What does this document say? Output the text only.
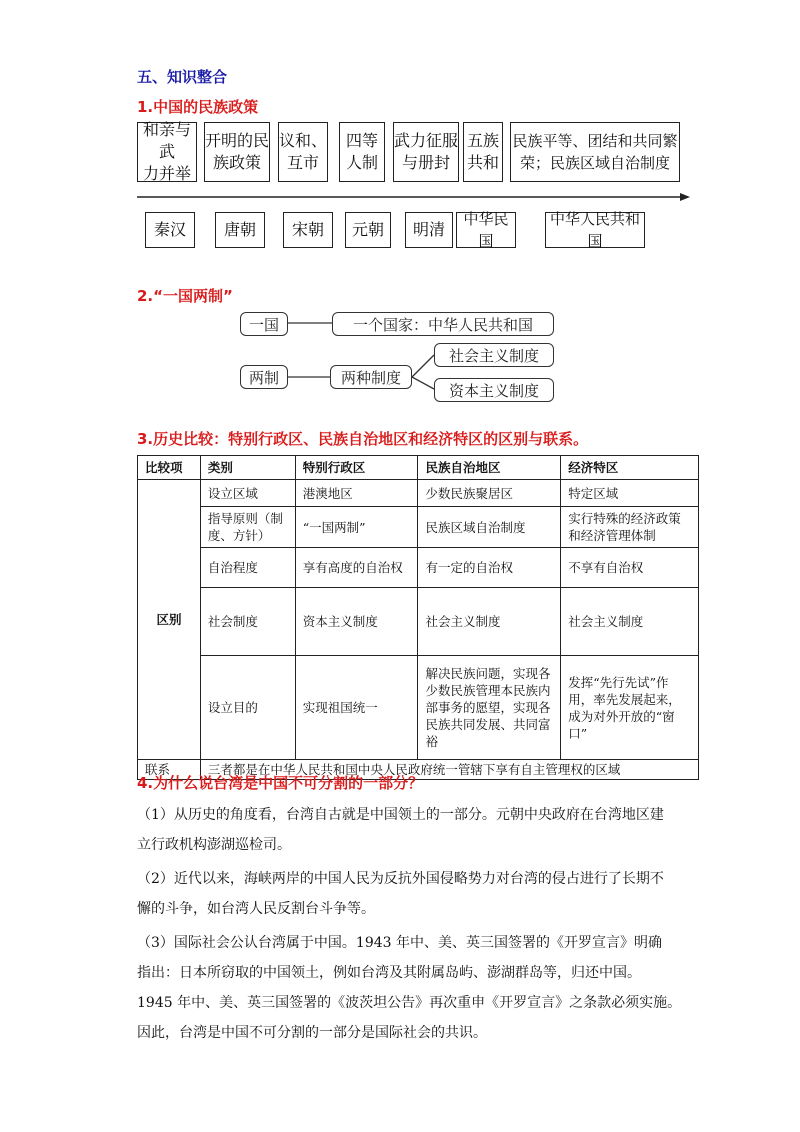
五、知识整合
1.中国的民族政策
和亲与武
力并举
开明的民
族政策
议和、
互市
四等
人制
武力征服
与册封
五族
共和
民族平等、团结和共同繁
荣；民族区域自治制度
秦汉	唐朝	宋朝	元朝	明清
中华民国
中华人民共和国
2.“一国两制”
一国	一个国家：中华人民共和国
两制	两种制度
社会主义制度
资本主义制度
3.历史比较：特别行政区、民族自治地区和经济特区的区别与联系。
比较项	类别	特别行政区	民族自治地区	经济特区
区别	设立区域	港澳地区	少数民族聚居区	特定区域
	指导原则（制度、方针）	“一国两制”	民族区域自治制度	实行特殊的经济政策和经济管理体制
	自治程度	享有高度的自治权	有一定的自治权	不享有自治权
	社会制度	资本主义制度	社会主义制度	社会主义制度
	设立目的	实现祖国统一	解决民族问题，实现各少数民族管理本民族内部事务的愿望，实现各民族共同发展、共同富裕	发挥“先行先试”作用，率先发展起来，成为对外开放的“窗口”
联系	三者都是在中华人民共和国中央人民政府统一管辖下享有自主管理权的区域			
4.为什么说台湾是中国不可分割的一部分？
（1）从历史的角度看，台湾自古就是中国领土的一部分。元朝中央政府在台湾地区建
立行政机构澎湖巡检司。
（2）近代以来，海峡两岸的中国人民为反抗外国侵略势力对台湾的侵占进行了长期不
懈的斗争，如台湾人民反割台斗争等。
（3）国际社会公认台湾属于中国。1943 年中、美、英三国签署的《开罗宣言》明确
指出：日本所窃取的中国领土，例如台湾及其附属岛屿、澎湖群岛等，归还中国。
1945 年中、美、英三国签署的《波茨坦公告》再次重申《开罗宣言》之条款必须实施。
因此，台湾是中国不可分割的一部分是国际社会的共识。
